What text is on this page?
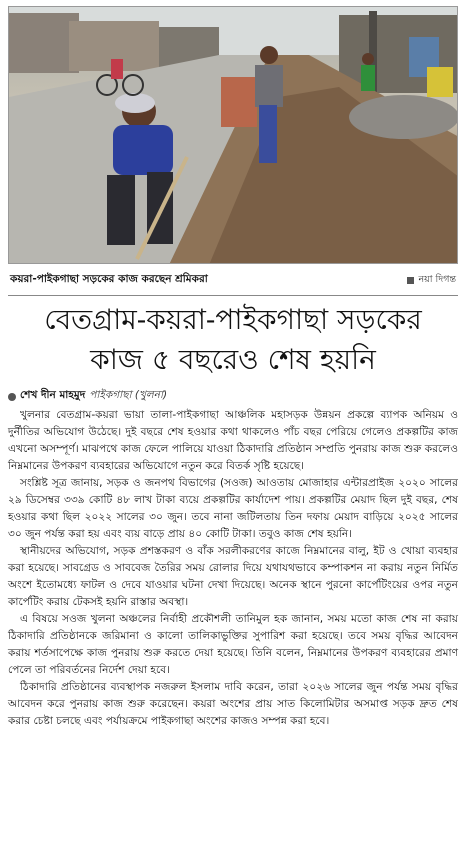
কয়রা-পাইকগাছা সড়কের কাজ করছেন শ্রমিকরা	নয়া দিগন্ত
বেতগ্রাম-কয়রা-পাইকগাছা সড়কের
কাজ ৫ বছরেও শেষ হয়নি
শেখ দীন মাহমুদ পাইকগাছা (খুলনা)

খুলনার বেতগ্রাম-কয়রা ভায়া তালা-পাইকগাছা আঞ্চলিক মহাসড়ক উন্নয়ন প্রকল্পে ব্যাপক অনিয়ম ও দুর্নীতির অভিযোগ উঠেছে। দুই বছরে শেষ হওয়ার কথা থাকলেও পাঁচ বছর পেরিয়ে গেলেও প্রকল্পটির কাজ এখনো অসম্পূর্ণ। মাঝপথে কাজ ফেলে পালিয়ে যাওয়া ঠিকাদারি প্রতিষ্ঠান সম্প্রতি পুনরায় কাজ শুরু করলেও নিম্নমানের উপকরণ ব্যবহারের অভিযোগে নতুন করে বিতর্ক সৃষ্টি হয়েছে।

সংশ্লিষ্ট সূত্র জানায়, সড়ক ও জনপথ বিভাগের (সওজ) আওতায় মোজাহার এন্টারপ্রাইজ ২০২০ সালের ২৯ ডিসেম্বর ৩৩৯ কোটি ৪৮ লাখ টাকা ব্যয়ে প্রকল্পটির কার্যাদেশ পায়। প্রকল্পটির মেয়াদ ছিল দুই বছর, শেষ হওয়ার কথা ছিল ২০২২ সালের ৩০ জুন। তবে নানা জটিলতায় তিন দফায় মেয়াদ বাড়িয়ে ২০২৫ সালের ৩০ জুন পর্যন্ত করা হয় এবং ব্যয় বাড়ে প্রায় ৪০ কোটি টাকা। তবুও কাজ শেষ হয়নি।

স্থানীয়দের অভিযোগ, সড়ক প্রশস্তকরণ ও বাঁক সরলীকরণের কাজে নিম্নমানের বালু, ইট ও খোয়া ব্যবহার করা হয়েছে। সাবগ্রেড ও সাববেজ তৈরির সময় রোলার দিয়ে যথাযথভাবে কম্পাকশন না করায় নতুন নির্মিত অংশে ইতোমধ্যে ফাটল ও দেবে যাওয়ার ঘটনা দেখা দিয়েছে। অনেক স্থানে পুরনো কার্পেটিংয়ের ওপর নতুন কার্পেটিং করায় টেকসই হয়নি রাস্তার অবস্থা।

এ বিষয়ে সওজ খুলনা অঞ্চলের নির্বাহী প্রকৌশলী তানিমুল হক জানান, সময় মতো কাজ শেষ না করায় ঠিকাদারি প্রতিষ্ঠানকে জরিমানা ও কালো তালিকাভুক্তির সুপারিশ করা হয়েছে। তবে সময় বৃদ্ধির আবেদন করায় শর্তসাপেক্ষে কাজ পুনরায় শুরু করতে দেয়া হয়েছে। তিনি বলেন, নিম্নমানের উপকরণ ব্যবহারের প্রমাণ পেলে তা পরিবর্তনের নির্দেশ দেয়া হবে।

ঠিকাদারি প্রতিষ্ঠানের ব্যবস্থাপক নজরুল ইসলাম দাবি করেন, তারা ২০২৬ সালের জুন পর্যন্ত সময় বৃদ্ধির আবেদন করে পুনরায় কাজ শুরু করেছেন। কয়রা অংশের প্রায় সাত কিলোমিটার অসমাপ্ত সড়ক দ্রুত শেষ করার চেষ্টা চলছে এবং পর্যায়ক্রমে পাইকগাছা অংশের কাজও সম্পন্ন করা হবে।
